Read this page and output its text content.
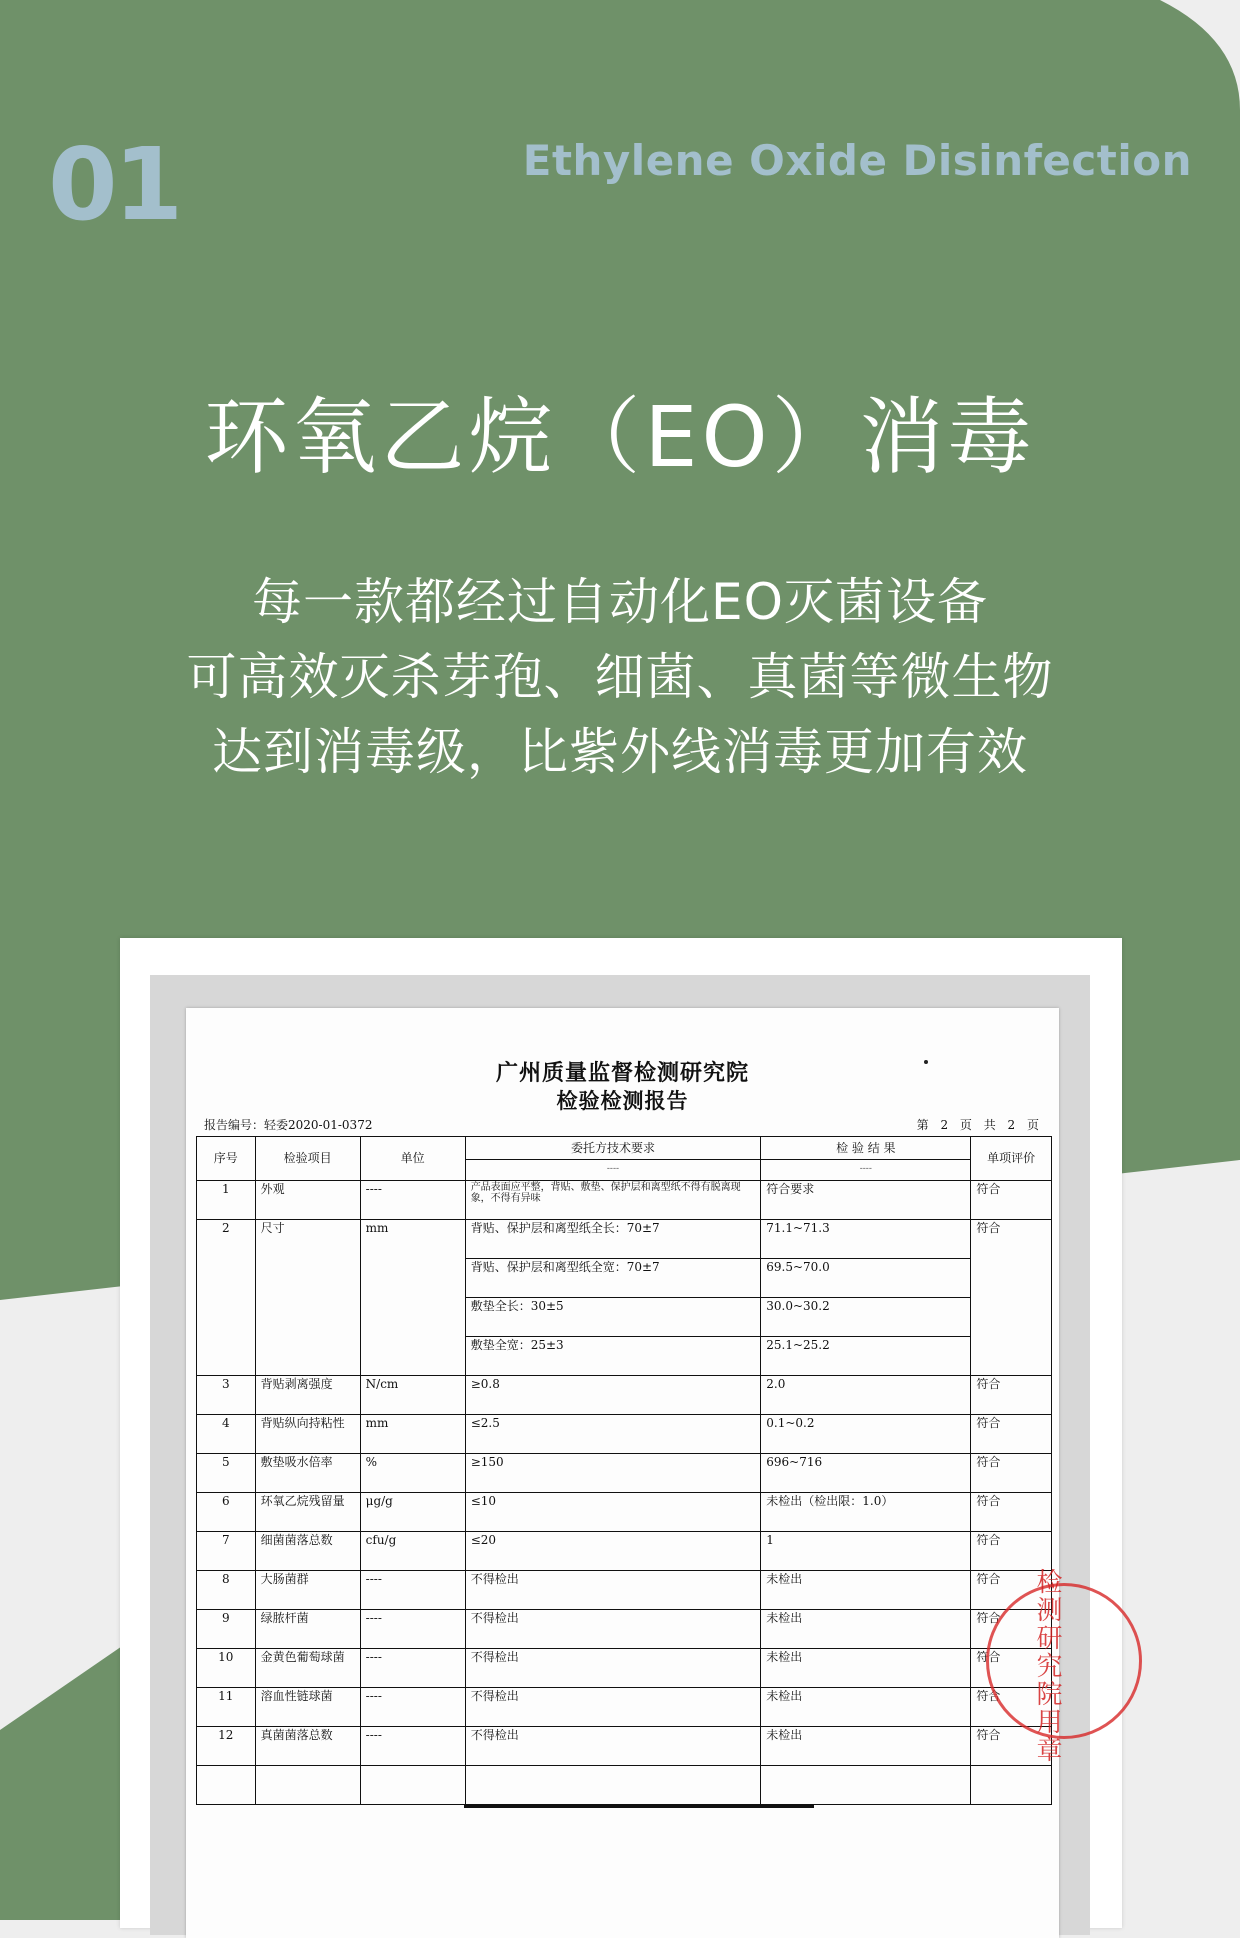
01	Ethylene Oxide Disinfection
环氧乙烷（EO）消毒
每一款都经过自动化EO灭菌设备
可高效灭杀芽孢、细菌、真菌等微生物
达到消毒级，比紫外线消毒更加有效
广州质量监督检测研究院
检验检测报告
报告编号：轻委2020-01-0372	第 2 页 共 2 页
序号	检验项目	单位	委托方技术要求	检 验 结 果	单项评价
			----	----	
1	外观	----	产品表面应平整，背贴、敷垫、保护层和离型纸不得有脱离现象，不得有异味	符合要求	符合
2	尺寸	mm	背贴、保护层和离型纸全长：70±7	71.1~71.3	符合
			背贴、保护层和离型纸全宽：70±7	69.5~70.0	
			敷垫全长：30±5	30.0~30.2	
			敷垫全宽：25±3	25.1~25.2	
3	背贴剥离强度	N/cm	≥0.8	2.0	符合
4	背贴纵向持粘性	mm	≤2.5	0.1~0.2	符合
5	敷垫吸水倍率	%	≥150	696~716	符合
6	环氧乙烷残留量	μg/g	≤10	未检出（检出限：1.0）	符合
7	细菌菌落总数	cfu/g	≤20	1	符合
8	大肠菌群	----	不得检出	未检出	符合
9	绿脓杆菌	----	不得检出	未检出	符合
10	金黄色葡萄球菌	----	不得检出	未检出	符合
11	溶血性链球菌	----	不得检出	未检出	符合
12	真菌菌落总数	----	不得检出	未检出	符合
						检测研究院用章
